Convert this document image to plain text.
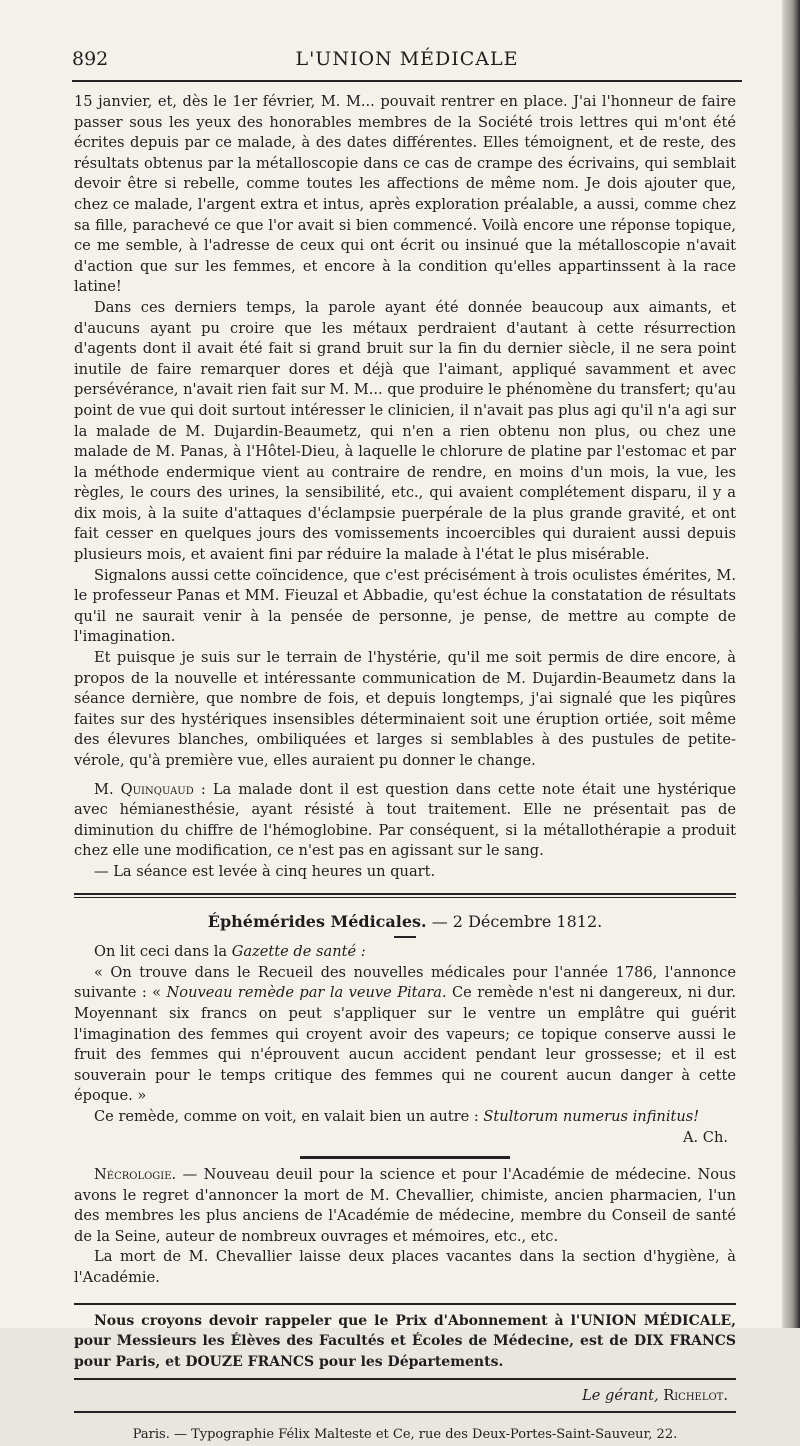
892	L'UNION MÉDICALE

15 janvier, et, dès le 1er février, M. M... pouvait rentrer en place. J'ai l'honneur de faire passer sous les yeux des honorables membres de la Société trois lettres qui m'ont été écrites depuis par ce malade, à des dates différentes. Elles témoignent, et de reste, des résultats obtenus par la métalloscopie dans ce cas de crampe des écrivains, qui semblait devoir être si rebelle, comme toutes les affections de même nom. Je dois ajouter que, chez ce malade, l'argent extra et intus, après exploration préalable, a aussi, comme chez sa fille, parachevé ce que l'or avait si bien commencé. Voilà encore une réponse topique, ce me semble, à l'adresse de ceux qui ont écrit ou insinué que la métalloscopie n'avait d'action que sur les femmes, et encore à la condition qu'elles appartinssent à la race latine!

Dans ces derniers temps, la parole ayant été donnée beaucoup aux aimants, et d'aucuns ayant pu croire que les métaux perdraient d'autant à cette résurrection d'agents dont il avait été fait si grand bruit sur la fin du dernier siècle, il ne sera point inutile de faire remarquer dores et déjà que l'aimant, appliqué savamment et avec persévérance, n'avait rien fait sur M. M... que produire le phénomène du transfert; qu'au point de vue qui doit surtout intéresser le clinicien, il n'avait pas plus agi qu'il n'a agi sur la malade de M. Dujardin-Beaumetz, qui n'en a rien obtenu non plus, ou chez une malade de M. Panas, à l'Hôtel-Dieu, à laquelle le chlorure de platine par l'estomac et par la méthode endermique vient au contraire de rendre, en moins d'un mois, la vue, les règles, le cours des urines, la sensibilité, etc., qui avaient complétement disparu, il y a dix mois, à la suite d'attaques d'éclampsie puerpérale de la plus grande gravité, et ont fait cesser en quelques jours des vomissements incoercibles qui duraient aussi depuis plusieurs mois, et avaient fini par réduire la malade à l'état le plus misérable.

Signalons aussi cette coïncidence, que c'est précisément à trois oculistes émérites, M. le professeur Panas et MM. Fieuzal et Abbadie, qu'est échue la constatation de résultats qu'il ne saurait venir à la pensée de personne, je pense, de mettre au compte de l'imagination.

Et puisque je suis sur le terrain de l'hystérie, qu'il me soit permis de dire encore, à propos de la nouvelle et intéressante communication de M. Dujardin-Beaumetz dans la séance dernière, que nombre de fois, et depuis longtemps, j'ai signalé que les piqûres faites sur des hystériques insensibles déterminaient soit une éruption ortiée, soit même des élevures blanches, ombiliquées et larges si semblables à des pustules de petite-vérole, qu'à première vue, elles auraient pu donner le change.

M. Quinquaud : La malade dont il est question dans cette note était une hystérique avec hémianesthésie, ayant résisté à tout traitement. Elle ne présentait pas de diminution du chiffre de l'hémoglobine. Par conséquent, si la métallothérapie a produit chez elle une modification, ce n'est pas en agissant sur le sang.

— La séance est levée à cinq heures un quart.

Éphémérides Médicales. — 2 Décembre 1812.

On lit ceci dans la Gazette de santé :

« On trouve dans le Recueil des nouvelles médicales pour l'année 1786, l'annonce suivante : « Nouveau remède par la veuve Pitara. Ce remède n'est ni dangereux, ni dur. Moyennant six francs on peut s'appliquer sur le ventre un emplâtre qui guérit l'imagination des femmes qui croyent avoir des vapeurs; ce topique conserve aussi le fruit des femmes qui n'éprouvent aucun accident pendant leur grossesse; et il est souverain pour le temps critique des femmes qui ne courent aucun danger à cette époque. »

Ce remède, comme on voit, en valait bien un autre : Stultorum numerus infinitus!

A. Ch.

Nécrologie. — Nouveau deuil pour la science et pour l'Académie de médecine. Nous avons le regret d'annoncer la mort de M. Chevallier, chimiste, ancien pharmacien, l'un des membres les plus anciens de l'Académie de médecine, membre du Conseil de santé de la Seine, auteur de nombreux ouvrages et mémoires, etc., etc.

La mort de M. Chevallier laisse deux places vacantes dans la section d'hygiène, à l'Académie.

Nous croyons devoir rappeler que le Prix d'Abonnement à l'UNION MÉDICALE, pour Messieurs les Élèves des Facultés et Écoles de Médecine, est de DIX FRANCS pour Paris, et DOUZE FRANCS pour les Départements.

Le gérant, Richelot.
Paris. — Typographie Félix Malteste et Ce, rue des Deux-Portes-Saint-Sauveur, 22.
